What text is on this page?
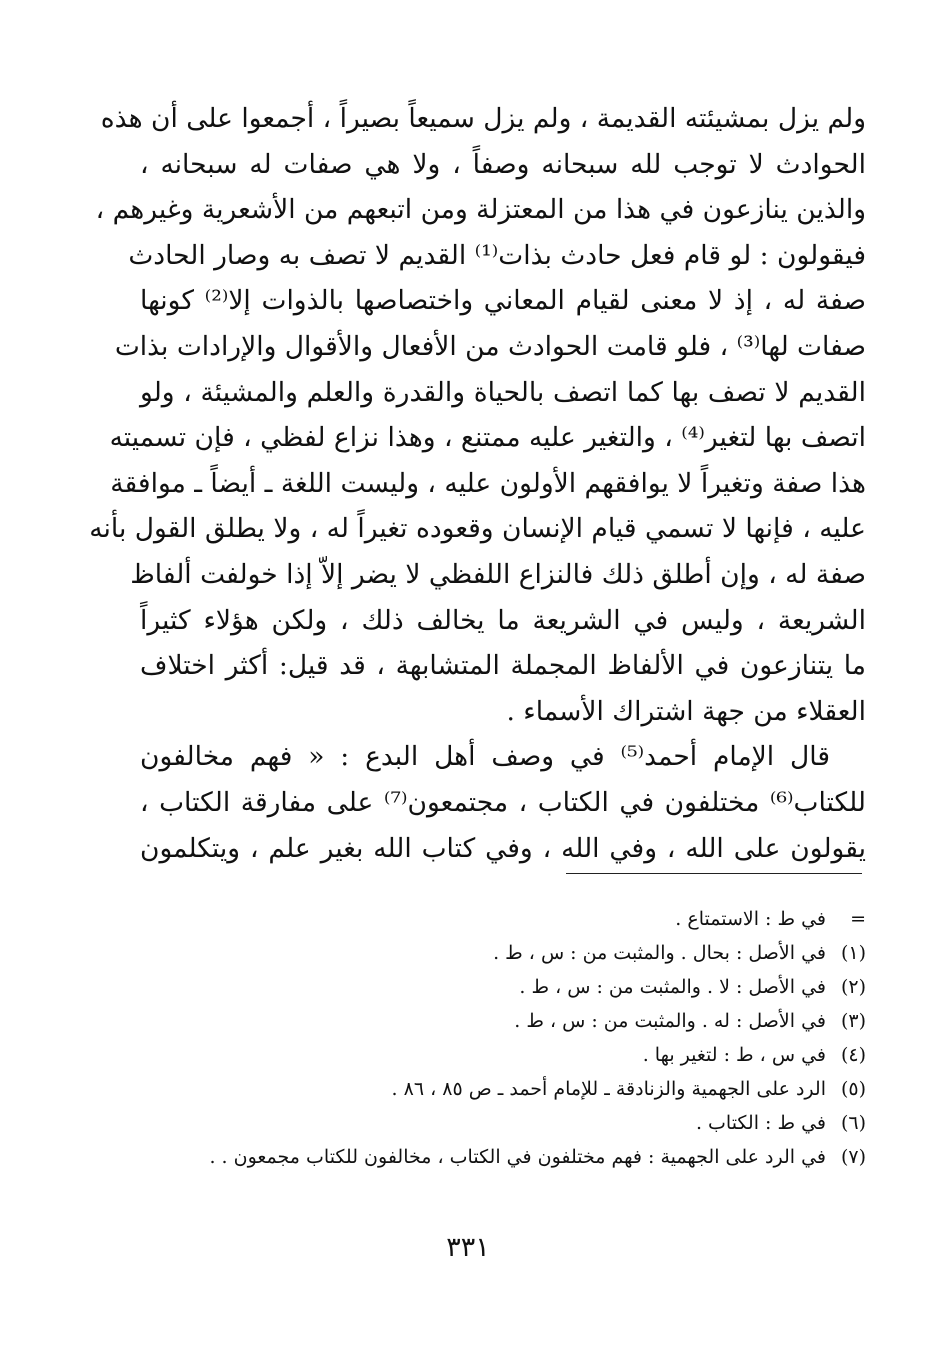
ولم يزل بمشيئته القديمة ، ولم يزل سميعاً بصيراً ، أجمعوا على أن هذه
الحوادث لا توجب لله سبحانه وصفاً ، ولا هي صفات له سبحانه ،
والذين ينازعون في هذا من المعتزلة ومن اتبعهم من الأشعرية وغيرهم ،
فيقولون : لو قام فعل حادث بذات⁽¹⁾ القديم لا تصف به وصار الحادث
صفة له ، إذ لا معنى لقيام المعاني واختصاصها بالذوات إلا⁽²⁾ كونها
صفات لها⁽³⁾ ، فلو قامت الحوادث من الأفعال والأقوال والإرادات بذات
القديم لا تصف بها كما اتصف بالحياة والقدرة والعلم والمشيئة ، ولو
اتصف بها لتغير⁽⁴⁾ ، والتغير عليه ممتنع ، وهذا نزاع لفظي ، فإن تسميته
هذا صفة وتغيراً لا يوافقهم الأولون عليه ، وليست اللغة ـ أيضاً ـ موافقة
عليه ، فإنها لا تسمي قيام الإنسان وقعوده تغيراً له ، ولا يطلق القول بأنه
صفة له ، وإن أطلق ذلك فالنزاع اللفظي لا يضر إلاّ إذا خولفت ألفاظ
الشريعة ، وليس في الشريعة ما يخالف ذلك ، ولكن هؤلاء كثيراً
ما يتنازعون في الألفاظ المجملة المتشابهة ، قد قيل: أكثر اختلاف
العقلاء من جهة اشتراك الأسماء .
قال الإمام أحمد⁽⁵⁾ في وصف أهل البدع : « فهم مخالفون
للكتاب⁽⁶⁾ مختلفون في الكتاب ، مجتمعون⁽⁷⁾ على مفارقة الكتاب ،
يقولون على الله ، وفي الله ، وفي كتاب الله بغير علم ، ويتكلمون
=
في ط : الاستمتاع .
(١)
في الأصل : بحال . والمثبت من : س ، ط .
(٢)
في الأصل : لا . والمثبت من : س ، ط .
(٣)
في الأصل : له . والمثبت من : س ، ط .
(٤)
في س ، ط : لتغير بها .
(٥)
الرد على الجهمية والزنادقة ـ للإمام أحمد ـ ص ٨٥ ، ٨٦ .
(٦)
في ط : الكتاب .
(٧)
في الرد على الجهمية : فهم مختلفون في الكتاب ، مخالفون للكتاب مجمعون . .
٣٣١
